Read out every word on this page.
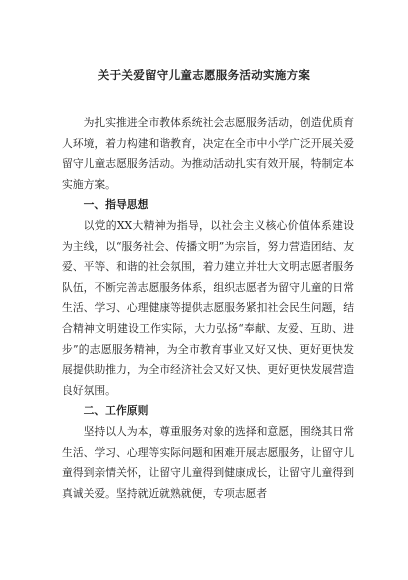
关于关爱留守儿童志愿服务活动实施方案

为扎实推进全市教体系统社会志愿服务活动，创造优质育人环境，着力构建和谐教育，决定在全市中小学广泛开展关爱留守儿童志愿服务活动。为推动活动扎实有效开展，特制定本实施方案。

一、指导思想

以党的XX大精神为指导，以社会主义核心价值体系建设为主线，以“服务社会、传播文明”为宗旨，努力营造团结、友爱、平等、和谐的社会氛围，着力建立并壮大文明志愿者服务队伍，不断完善志愿服务体系，组织志愿者为留守儿童的日常生活、学习、心理健康等提供志愿服务紧扣社会民生问题，结合精神文明建设工作实际，大力弘扬“奉献、友爱、互助、进步”的志愿服务精神，为全市教育事业又好又快、更好更快发展提供助推力，为全市经济社会又好又快、更好更快发展营造良好氛围。

二、工作原则

坚持以人为本，尊重服务对象的选择和意愿，围绕其日常生活、学习、心理等实际问题和困难开展志愿服务，让留守儿童得到亲情关怀，让留守儿童得到健康成长，让留守儿童得到真诚关爱。坚持就近就熟就便，专项志愿者
